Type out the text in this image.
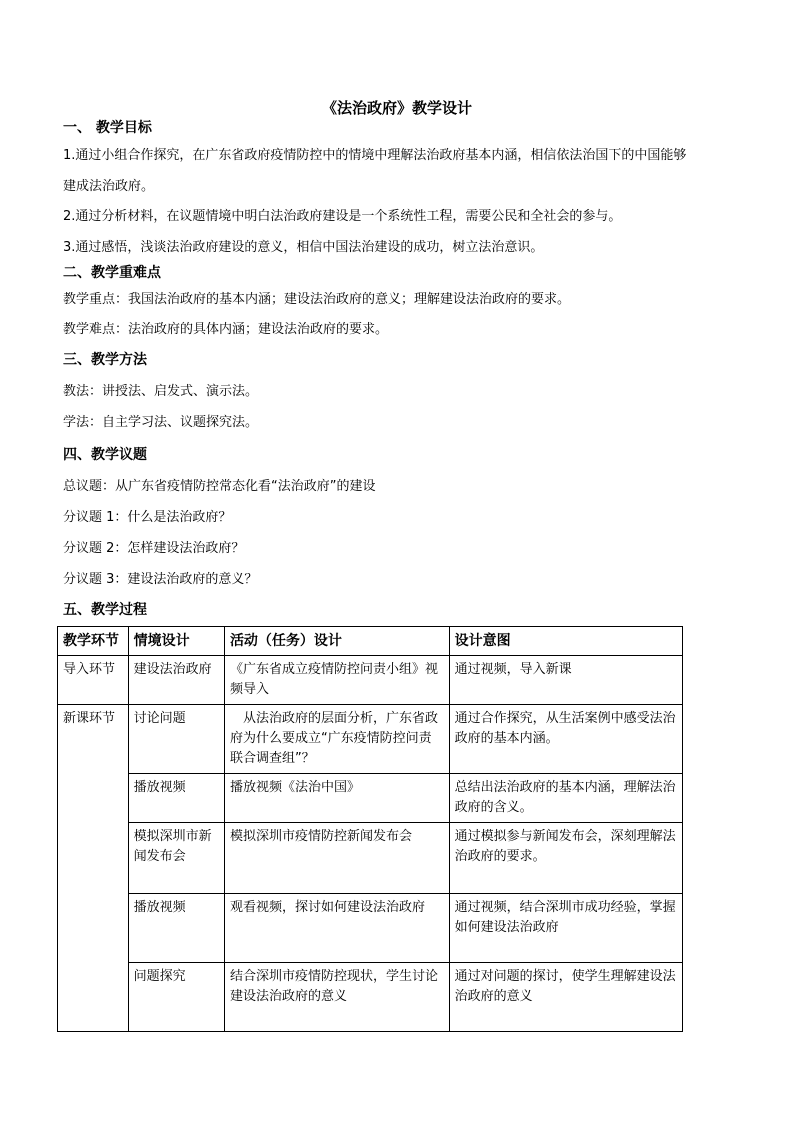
《法治政府》教学设计
一、 教学目标
1.通过小组合作探究，在广东省政府疫情防控中的情境中理解法治政府基本内涵，相信依法治国下的中国能够
建成法治政府。
2.通过分析材料，在议题情境中明白法治政府建设是一个系统性工程，需要公民和全社会的参与。
3.通过感悟，浅谈法治政府建设的意义，相信中国法治建设的成功，树立法治意识。
二、教学重难点
教学重点：我国法治政府的基本内涵；建设法治政府的意义；理解建设法治政府的要求。
教学难点：法治政府的具体内涵；建设法治政府的要求。
三、教学方法
教法：讲授法、启发式、演示法。
学法：自主学习法、议题探究法。
四、教学议题
总议题：从广东省疫情防控常态化看“法治政府”的建设
分议题 1：什么是法治政府？
分议题 2：怎样建设法治政府？
分议题 3：建设法治政府的意义？
五、教学过程
教学环节	情境设计	活动（任务）设计	设计意图
导入环节	建设法治政府	《广东省成立疫情防控问责小组》视频导入	通过视频，导入新课
新课环节	讨论问题	　从法治政府的层面分析，广东省政府为什么要成立“广东疫情防控问责联合调查组”？	通过合作探究，从生活案例中感受法治政府的基本内涵。
	播放视频	播放视频《法治中国》	总结出法治政府的基本内涵，理解法治政府的含义。
	模拟深圳市新闻发布会	模拟深圳市疫情防控新闻发布会	通过模拟参与新闻发布会，深刻理解法治政府的要求。
	播放视频	观看视频，探讨如何建设法治政府	通过视频，结合深圳市成功经验，掌握如何建设法治政府
	问题探究	结合深圳市疫情防控现状，学生讨论建设法治政府的意义	通过对问题的探讨，使学生理解建设法治政府的意义
